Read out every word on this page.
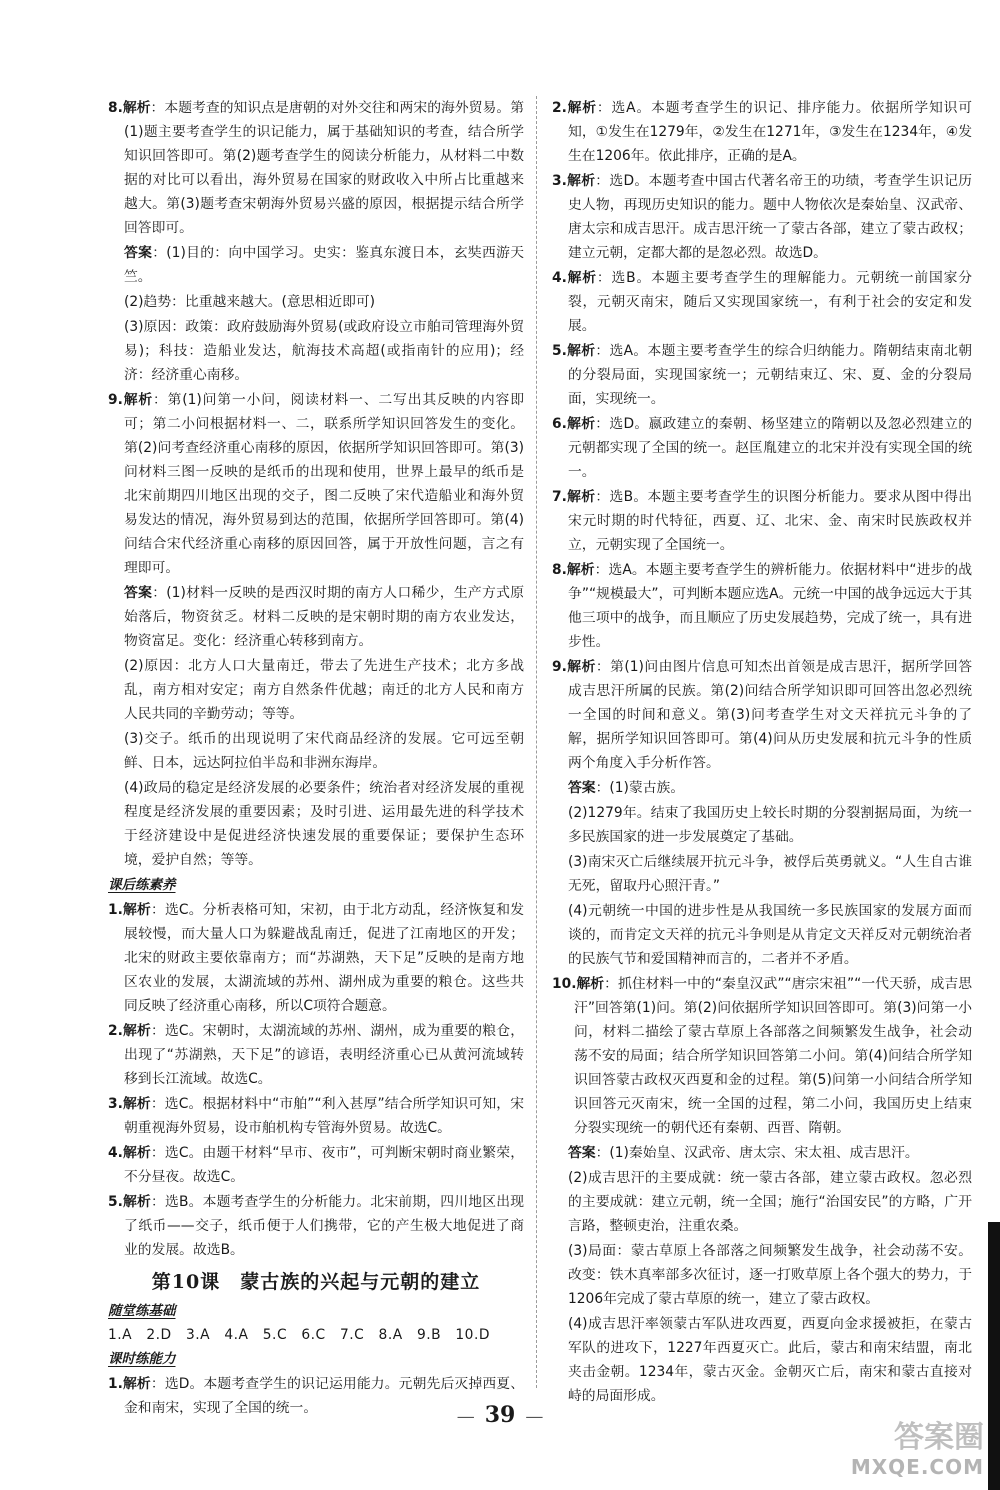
8.解析：本题考查的知识点是唐朝的对外交往和两宋的海外贸易。第(1)题主要考查学生的识记能力，属于基础知识的考查，结合所学知识回答即可。第(2)题考查学生的阅读分析能力，从材料二中数据的对比可以看出，海外贸易在国家的财政收入中所占比重越来越大。第(3)题考查宋朝海外贸易兴盛的原因，根据提示结合所学回答即可。

答案：(1)目的：向中国学习。史实：鉴真东渡日本，玄奘西游天竺。

(2)趋势：比重越来越大。(意思相近即可)

(3)原因：政策：政府鼓励海外贸易(或政府设立市舶司管理海外贸易)；科技：造船业发达，航海技术高超(或指南针的应用)；经济：经济重心南移。

9.解析：第(1)问第一小问，阅读材料一、二写出其反映的内容即可；第二小问根据材料一、二，联系所学知识回答发生的变化。第(2)问考查经济重心南移的原因，依据所学知识回答即可。第(3)问材料三图一反映的是纸币的出现和使用，世界上最早的纸币是北宋前期四川地区出现的交子，图二反映了宋代造船业和海外贸易发达的情况，海外贸易到达的范围，依据所学回答即可。第(4)问结合宋代经济重心南移的原因回答，属于开放性问题，言之有理即可。

答案：(1)材料一反映的是西汉时期的南方人口稀少，生产方式原始落后，物资贫乏。材料二反映的是宋朝时期的南方农业发达，物资富足。变化：经济重心转移到南方。

(2)原因：北方人口大量南迁，带去了先进生产技术；北方多战乱，南方相对安定；南方自然条件优越；南迁的北方人民和南方人民共同的辛勤劳动；等等。

(3)交子。纸币的出现说明了宋代商品经济的发展。它可远至朝鲜、日本，远达阿拉伯半岛和非洲东海岸。

(4)政局的稳定是经济发展的必要条件；统治者对经济发展的重视程度是经济发展的重要因素；及时引进、运用最先进的科学技术于经济建设中是促进经济快速发展的重要保证；要保护生态环境，爱护自然；等等。

课后练素养

1.解析：选C。分析表格可知，宋初，由于北方动乱，经济恢复和发展较慢，而大量人口为躲避战乱南迁，促进了江南地区的开发；北宋的财政主要依靠南方；而“苏湖熟，天下足”反映的是南方地区农业的发展，太湖流域的苏州、湖州成为重要的粮仓。这些共同反映了经济重心南移，所以C项符合题意。

2.解析：选C。宋朝时，太湖流域的苏州、湖州，成为重要的粮仓，出现了“苏湖熟，天下足”的谚语，表明经济重心已从黄河流域转移到长江流域。故选C。

3.解析：选C。根据材料中“市舶”“利入甚厚”结合所学知识可知，宋朝重视海外贸易，设市舶机构专管海外贸易。故选C。

4.解析：选C。由题干材料“早市、夜市”，可判断宋朝时商业繁荣，不分昼夜。故选C。

5.解析：选B。本题考查学生的分析能力。北宋前期，四川地区出现了纸币——交子，纸币便于人们携带，它的产生极大地促进了商业的发展。故选B。

第10课　蒙古族的兴起与元朝的建立
随堂练基础
1.A　2.D　3.A　4.A　5.C　6.C　7.C　8.A　9.B　10.D
课时练能力

1.解析：选D。本题考查学生的识记运用能力。元朝先后灭掉西夏、金和南宋，实现了全国的统一。

2.解析：选A。本题考查学生的识记、排序能力。依据所学知识可知，①发生在1279年，②发生在1271年，③发生在1234年，④发生在1206年。依此排序，正确的是A。

3.解析：选D。本题考查中国古代著名帝王的功绩，考查学生识记历史人物，再现历史知识的能力。题中人物依次是秦始皇、汉武帝、唐太宗和成吉思汗。成吉思汗统一了蒙古各部，建立了蒙古政权；建立元朝，定都大都的是忽必烈。故选D。

4.解析：选B。本题主要考查学生的理解能力。元朝统一前国家分裂，元朝灭南宋，随后又实现国家统一，有利于社会的安定和发展。

5.解析：选A。本题主要考查学生的综合归纳能力。隋朝结束南北朝的分裂局面，实现国家统一；元朝结束辽、宋、夏、金的分裂局面，实现统一。

6.解析：选D。嬴政建立的秦朝、杨坚建立的隋朝以及忽必烈建立的元朝都实现了全国的统一。赵匡胤建立的北宋并没有实现全国的统一。

7.解析：选B。本题主要考查学生的识图分析能力。要求从图中得出宋元时期的时代特征，西夏、辽、北宋、金、南宋时民族政权并立，元朝实现了全国统一。

8.解析：选A。本题主要考查学生的辨析能力。依据材料中“进步的战争”“规模最大”，可判断本题应选A。元统一中国的战争远远大于其他三项中的战争，而且顺应了历史发展趋势，完成了统一，具有进步性。

9.解析：第(1)问由图片信息可知杰出首领是成吉思汗，据所学回答成吉思汗所属的民族。第(2)问结合所学知识即可回答出忽必烈统一全国的时间和意义。第(3)问考查学生对文天祥抗元斗争的了解，据所学知识回答即可。第(4)问从历史发展和抗元斗争的性质两个角度入手分析作答。

答案：(1)蒙古族。

(2)1279年。结束了我国历史上较长时期的分裂割据局面，为统一多民族国家的进一步发展奠定了基础。

(3)南宋灭亡后继续展开抗元斗争，被俘后英勇就义。“人生自古谁无死，留取丹心照汗青。”

(4)元朝统一中国的进步性是从我国统一多民族国家的发展方面而谈的，而肯定文天祥的抗元斗争则是从肯定文天祥反对元朝统治者的民族气节和爱国精神而言的，二者并不矛盾。

10.解析：抓住材料一中的“秦皇汉武”“唐宗宋祖”“一代天骄，成吉思汗”回答第(1)问。第(2)问依据所学知识回答即可。第(3)问第一小问，材料二描绘了蒙古草原上各部落之间频繁发生战争，社会动荡不安的局面；结合所学知识回答第二小问。第(4)问结合所学知识回答蒙古政权灭西夏和金的过程。第(5)问第一小问结合所学知识回答元灭南宋，统一全国的过程，第二小问，我国历史上结束分裂实现统一的朝代还有秦朝、西晋、隋朝。

答案：(1)秦始皇、汉武帝、唐太宗、宋太祖、成吉思汗。

(2)成吉思汗的主要成就：统一蒙古各部，建立蒙古政权。忽必烈的主要成就：建立元朝，统一全国；施行“治国安民”的方略，广开言路，整顿吏治，注重农桑。

(3)局面：蒙古草原上各部落之间频繁发生战争，社会动荡不安。改变：铁木真率部多次征讨，逐一打败草原上各个强大的势力，于1206年完成了蒙古草原的统一，建立了蒙古政权。

(4)成吉思汗率领蒙古军队进攻西夏，西夏向金求援被拒，在蒙古军队的进攻下，1227年西夏灭亡。此后，蒙古和南宋结盟，南北夹击金朝。1234年，蒙古灭金。金朝灭亡后，南宋和蒙古直接对峙的局面形成。

— 39 —
答案圈
MXQE.COM
